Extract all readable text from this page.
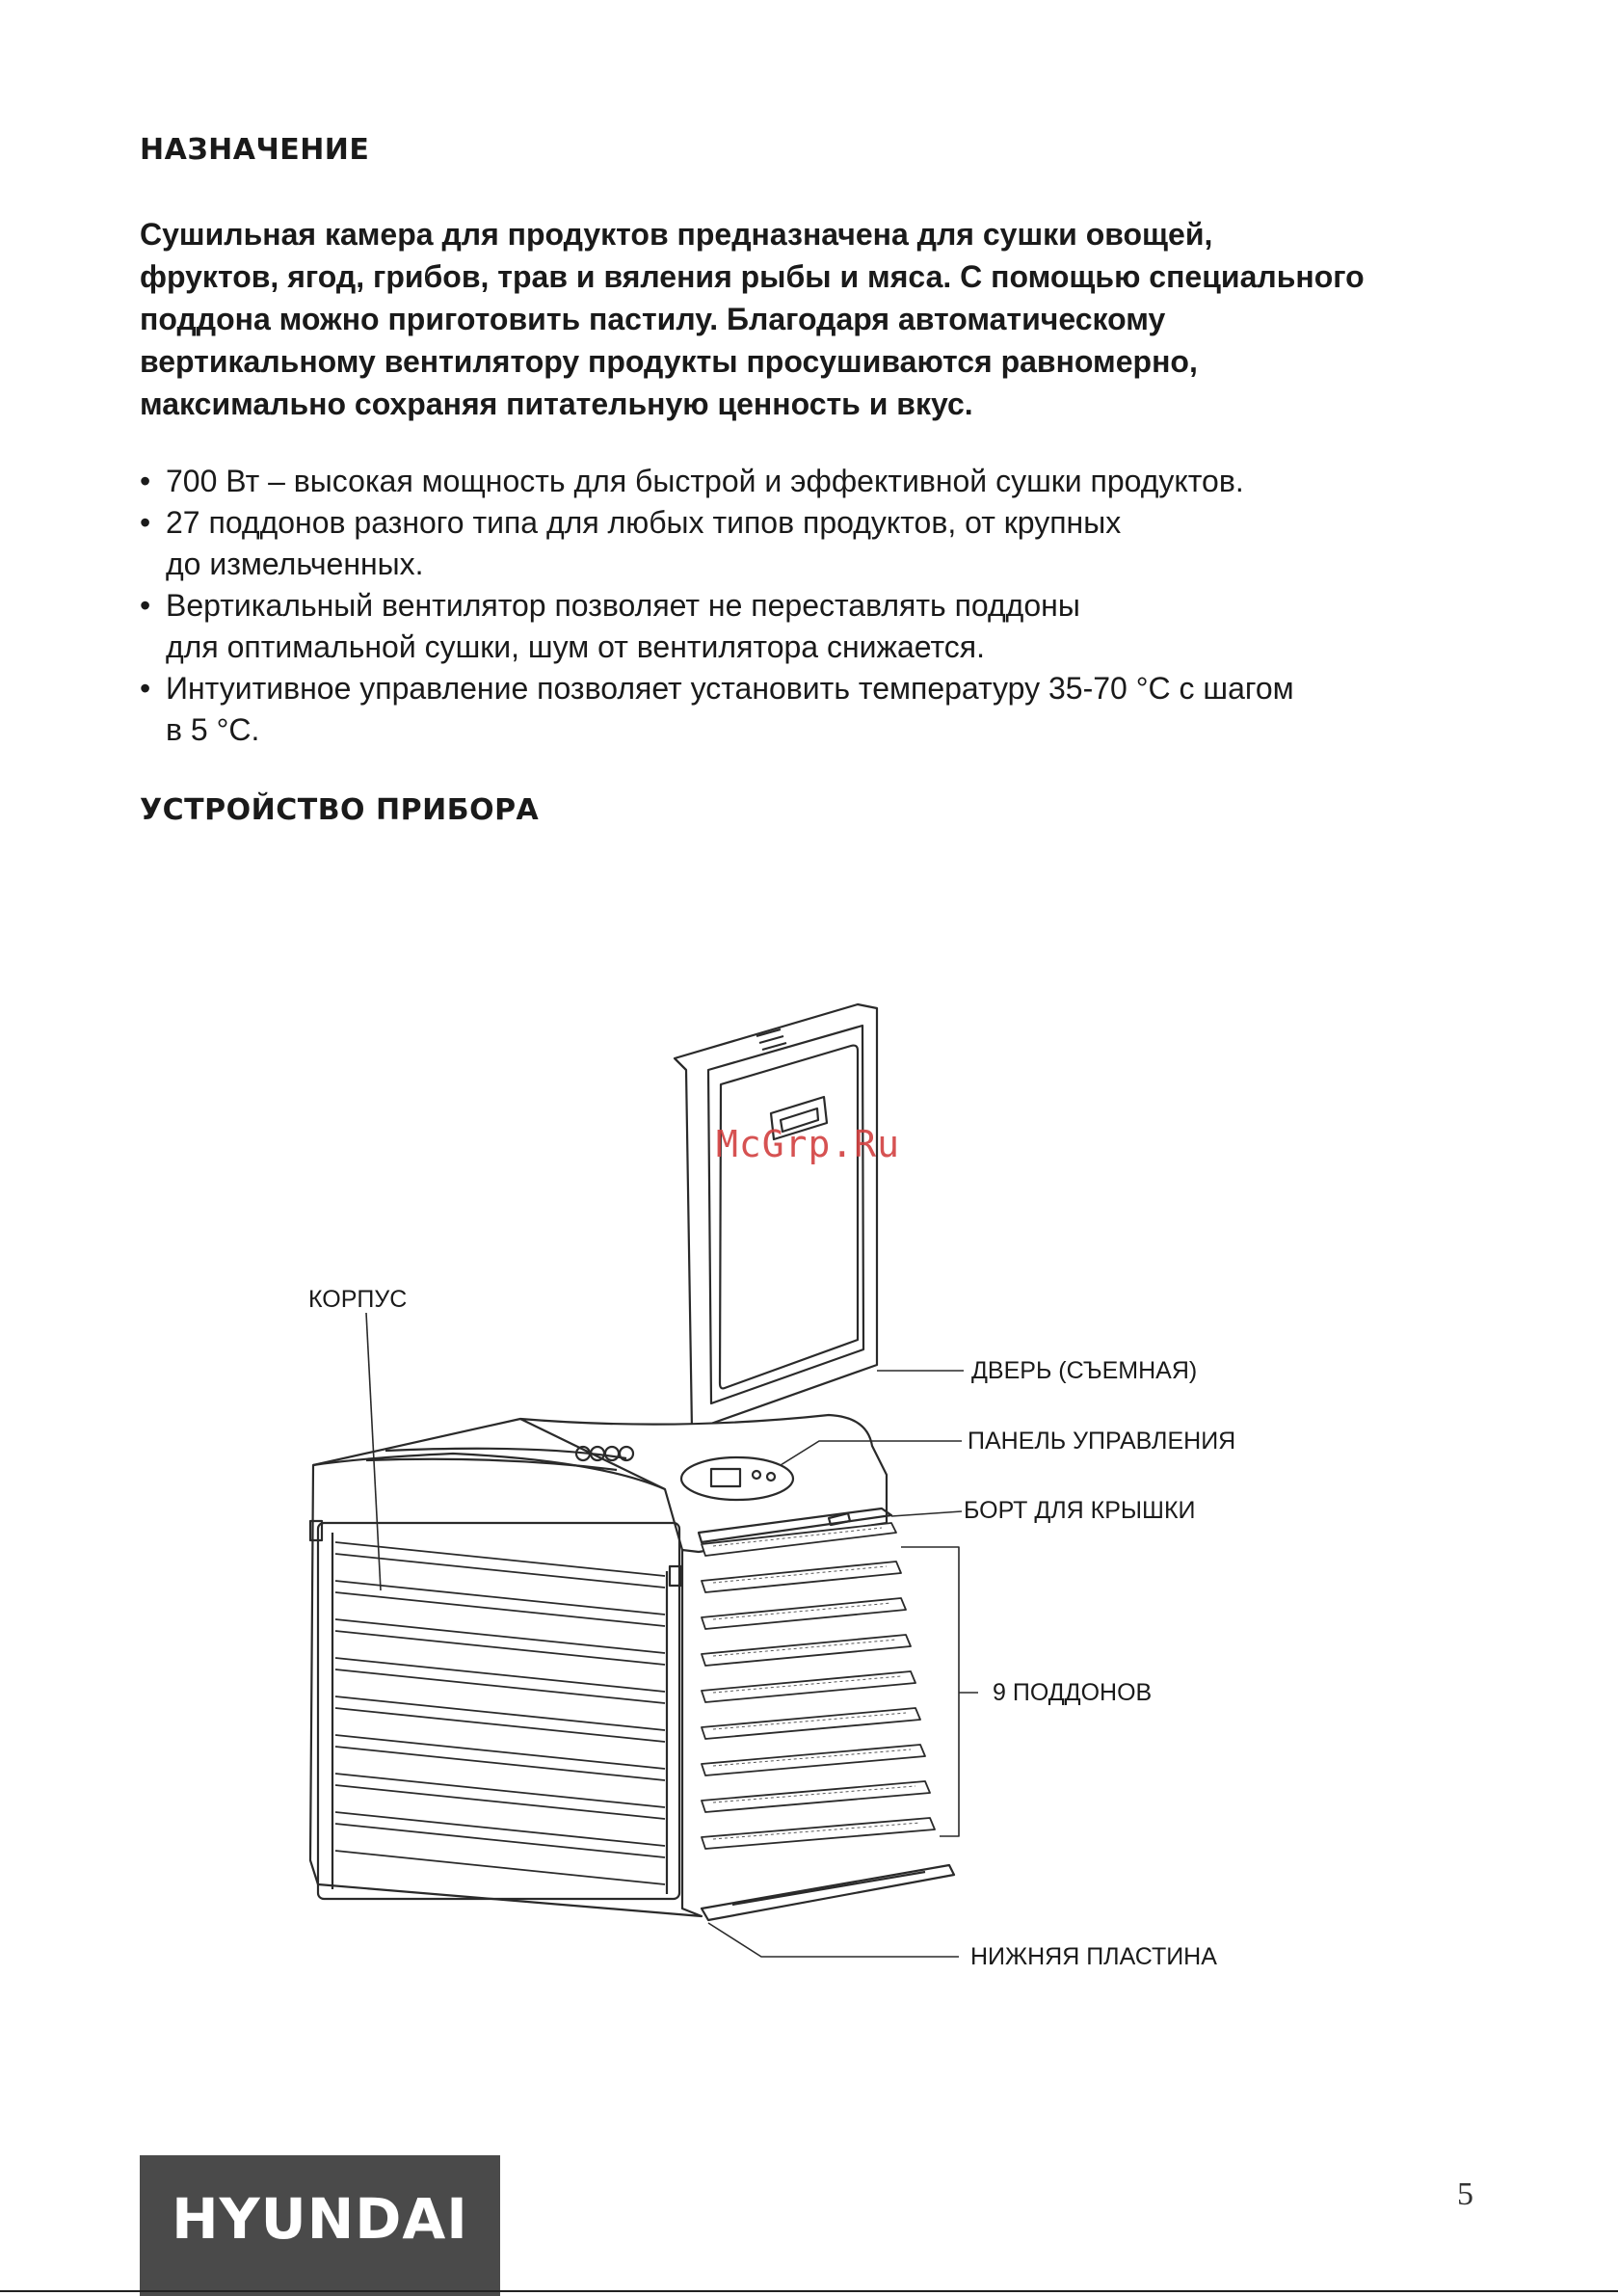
НАЗНАЧЕНИЕ

Сушильная камера для продуктов предназначена для сушки овощей,
фруктов, ягод, грибов, трав и вяления рыбы и мяса. С помощью специального
поддона можно приготовить пастилу. Благодаря автоматическому
вертикальному вентилятору продукты просушиваются равномерно,
максимально сохраняя питательную ценность и вкус.

• 700 Вт – высокая мощность для быстрой и эффективной сушки продуктов.
• 27 поддонов разного типа для любых типов продуктов, от крупных
до измельченных.
• Вертикальный вентилятор позволяет не переставлять поддоны
для оптимальной сушки, шум от вентилятора снижается.
• Интуитивное управление позволяет установить температуру 35-70 °C с шагом
в 5 °C.
УСТРОЙСТВО ПРИБОРА
КОРПУС
ДВЕРЬ (СЪЕМНАЯ)
ПАНЕЛЬ УПРАВЛЕНИЯ
БОРТ ДЛЯ КРЫШКИ
9 ПОДДОНОВ
НИЖНЯЯ ПЛАСТИНА
McGrp.Ru
HYUNDAI	5
